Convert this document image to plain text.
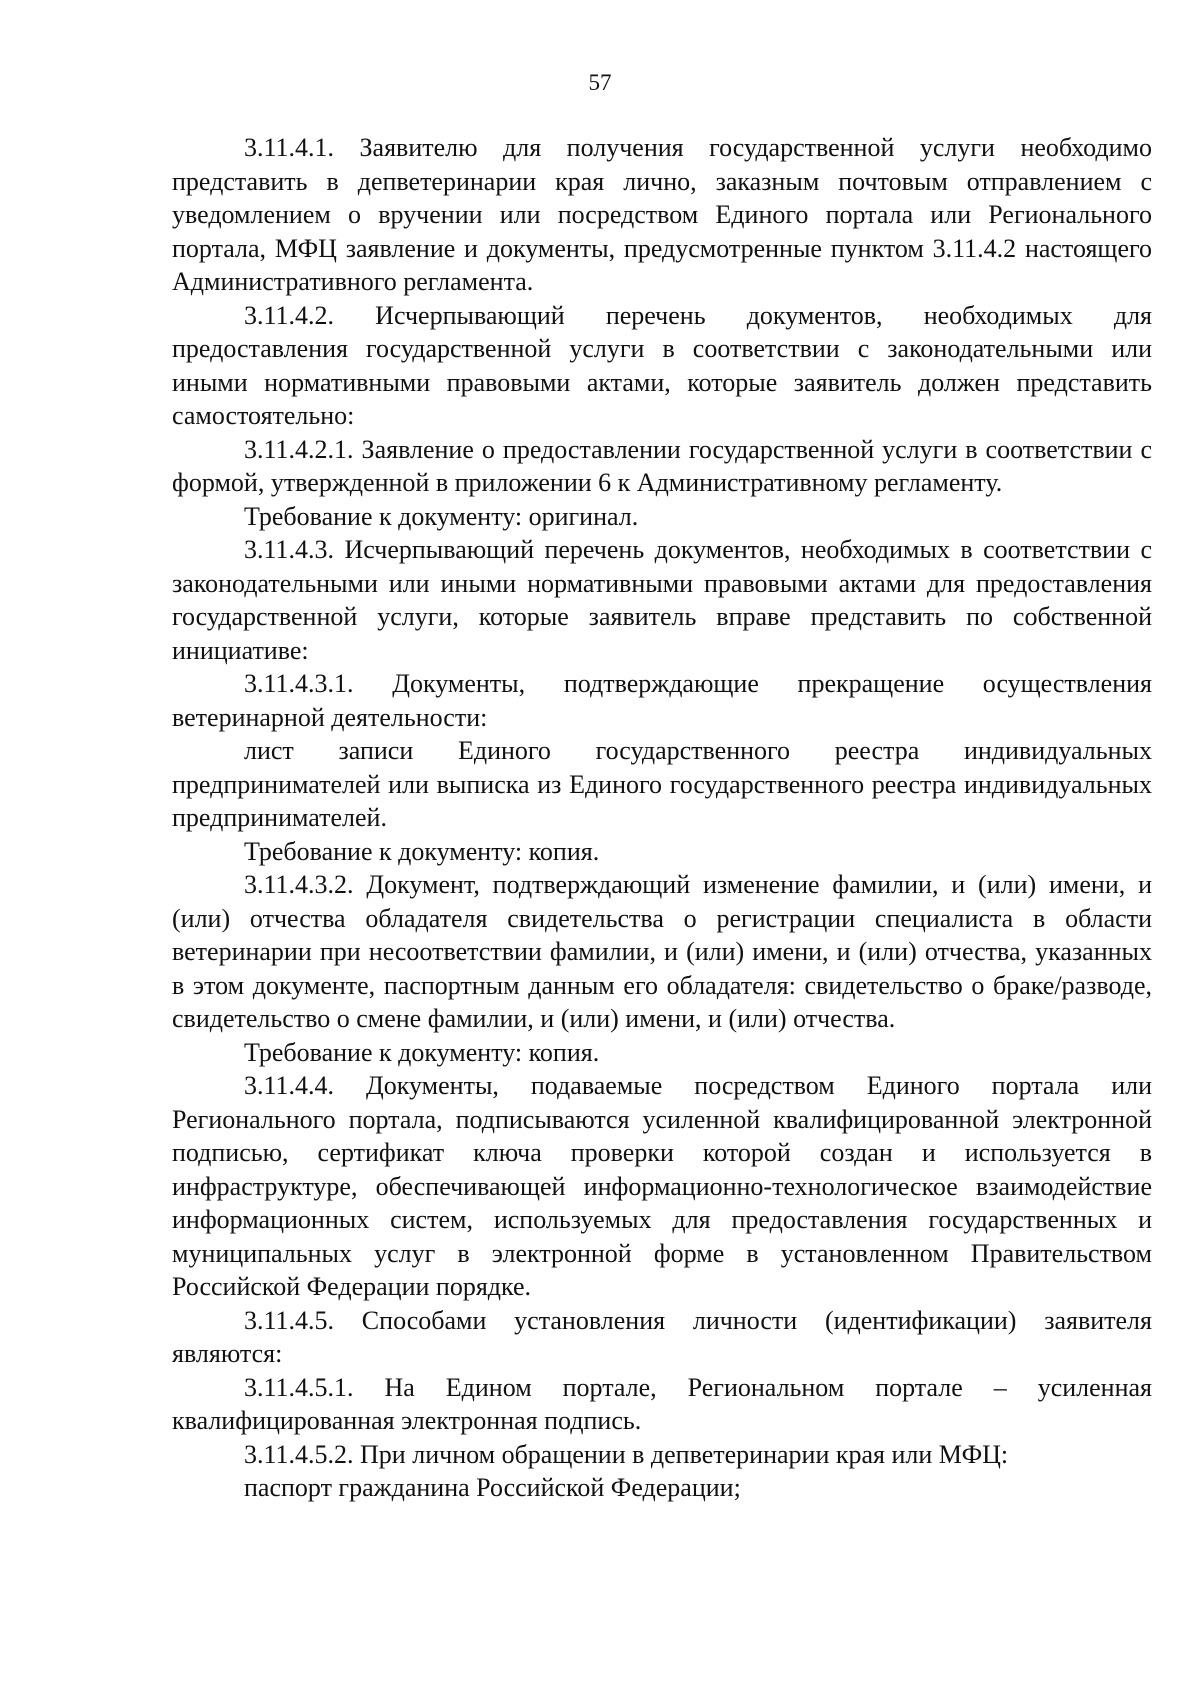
57

3.11.4.1. Заявителю для получения государственной услуги необходимо представить в депветеринарии края лично, заказным почтовым отправлением с уведомлением о вручении или посредством Единого портала или Регионального портала, МФЦ заявление и документы, предусмотренные пунктом 3.11.4.2 настоящего Административного регламента.

3.11.4.2. Исчерпывающий перечень документов, необходимых для предоставления государственной услуги в соответствии с законодательными или иными нормативными правовыми актами, которые заявитель должен представить самостоятельно:

3.11.4.2.1. Заявление о предоставлении государственной услуги в соответствии с формой, утвержденной в приложении 6 к Административному регламенту.

Требование к документу: оригинал.

3.11.4.3. Исчерпывающий перечень документов, необходимых в соответствии с законодательными или иными нормативными правовыми актами для предоставления государственной услуги, которые заявитель вправе представить по собственной инициативе:

3.11.4.3.1. Документы, подтверждающие прекращение осуществления ветеринарной деятельности:

лист записи Единого государственного реестра индивидуальных предпринимателей или выписка из Единого государственного реестра индивидуальных предпринимателей.

Требование к документу: копия.

3.11.4.3.2. Документ, подтверждающий изменение фамилии, и (или) имени, и (или) отчества обладателя свидетельства о регистрации специалиста в области ветеринарии при несоответствии фамилии, и (или) имени, и (или) отчества, указанных в этом документе, паспортным данным его обладателя: свидетельство о браке/разводе, свидетельство о смене фамилии, и (или) имени, и (или) отчества.

Требование к документу: копия.

3.11.4.4. Документы, подаваемые посредством Единого портала или Регионального портала, подписываются усиленной квалифицированной электронной подписью, сертификат ключа проверки которой создан и используется в инфраструктуре, обеспечивающей информационно-технологическое взаимодействие информационных систем, используемых для предоставления государственных и муниципальных услуг в электронной форме в установленном Правительством Российской Федерации порядке.

3.11.4.5. Способами установления личности (идентификации) заявителя являются:

3.11.4.5.1. На Едином портале, Региональном портале – усиленная квалифицированная электронная подпись.

3.11.4.5.2. При личном обращении в депветеринарии края или МФЦ:

паспорт гражданина Российской Федерации;
